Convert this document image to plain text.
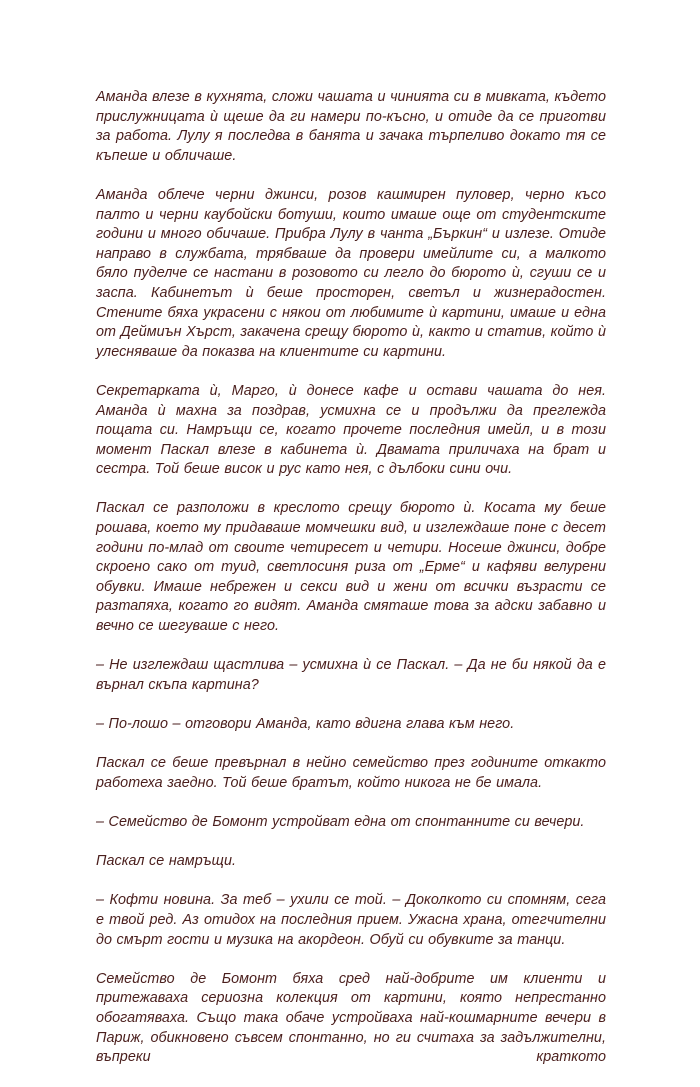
Аманда влезе в кухнята, сложи чашата и чинията си в мивката, където прислужницата ѝ щеше да ги намери по-късно, и отиде да се приготви за работа. Лулу я последва в банята и зачака търпеливо докато тя се къпеше и обличаше.

Аманда облече черни джинси, розов кашмирен пуловер, черно късо палто и черни каубойски ботуши, които имаше още от студентските години и много обичаше. Прибра Лулу в чанта „Бъркин“ и излезе. Отиде направо в службата, трябваше да провери имейлите си, а малкото бяло пуделче се настани в розовото си легло до бюрото ѝ, сгуши се и заспа. Кабинетът ѝ беше просторен, светъл и жизнерадостен. Стените бяха украсени с някои от любимите ѝ картини, имаше и една от Деймиън Хърст, закачена срещу бюрото ѝ, както и статив, който ѝ улесняваше да показва на клиентите си картини.

Секретарката ѝ, Марго, ѝ донесе кафе и остави чашата до нея. Аманда ѝ махна за поздрав, усмихна се и продължи да преглежда пощата си. Намръщи се, когато прочете последния имейл, и в този момент Паскал влезе в кабинета ѝ. Двамата приличаха на брат и сестра. Той беше висок и рус като нея, с дълбоки сини очи.

Паскал се разположи в креслото срещу бюрото ѝ. Косата му беше рошава, което му придаваше момчешки вид, и изглеждаше поне с десет години по-млад от своите четиресет и четири. Носеше джинси, добре скроено сако от туид, светлосиня риза от „Ерме“ и кафяви велурени обувки. Имаше небрежен и секси вид и жени от всички възрасти се разтапяха, когато го видят. Аманда смяташе това за адски забавно и вечно се шегуваше с него.

– Не изглеждаш щастлива – усмихна ѝ се Паскал. – Да не би някой да е върнал скъпа картина?

– По-лошо – отговори Аманда, като вдигна глава към него.

Паскал се беше превърнал в нейно семейство през годините откакто работеха заедно. Той беше братът, който никога не бе имала.

– Семейство де Бомонт устройват една от спонтанните си вечери.

Паскал се намръщи.

– Кофти новина. За теб – ухили се той. – Доколкото си спомням, сега е твой ред. Аз отидох на последния прием. Ужасна храна, отегчителни до смърт гости и музика на акордеон. Обуй си обувките за танци.

Семейство де Бомонт бяха сред най-добрите им клиенти и притежаваха сериозна колекция от картини, която непрестанно обогатяваха. Също така обаче устройваха най-кошмарните вечери в Париж, обикновено съвсем спонтанно, но ги считаха за задължителни, въпреки краткото
